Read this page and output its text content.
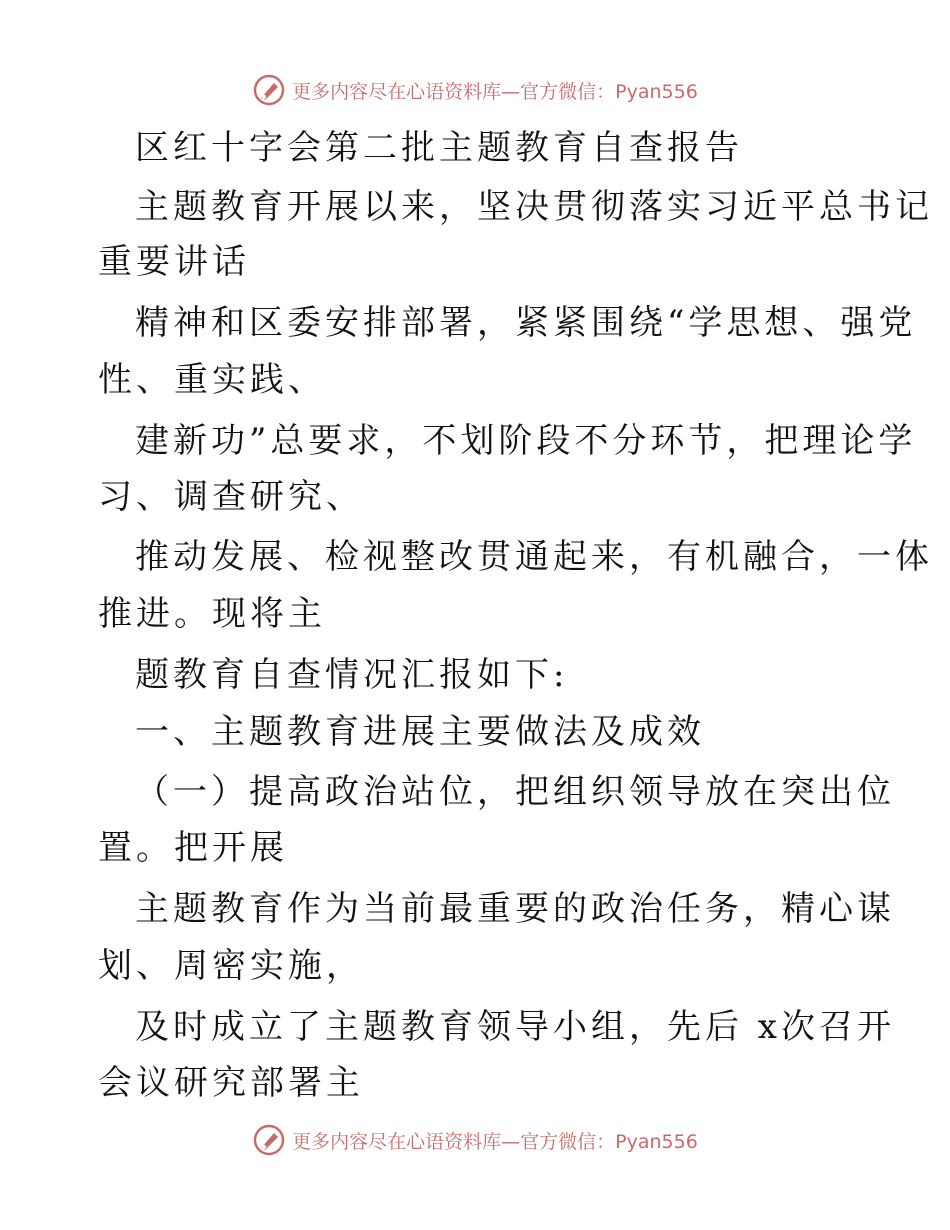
更多内容尽在心语资料库—官方微信：Pyan556
区红十字会第二批主题教育自查报告
主题教育开展以来，坚决贯彻落实习近平总书记
重要讲话
精神和区委安排部署，紧紧围绕“学思想、强党
性、重实践、
建新功”总要求，不划阶段不分环节，把理论学
习、调查研究、
推动发展、检视整改贯通起来，有机融合，一体
推进。现将主
题教育自查情况汇报如下:
一、主题教育进展主要做法及成效
（一）提高政治站位，把组织领导放在突出位
置。把开展
主题教育作为当前最重要的政治任务，精心谋
划、周密实施，
及时成立了主题教育领导小组，先后 x次召开
会议研究部署主
更多内容尽在心语资料库—官方微信：Pyan556
